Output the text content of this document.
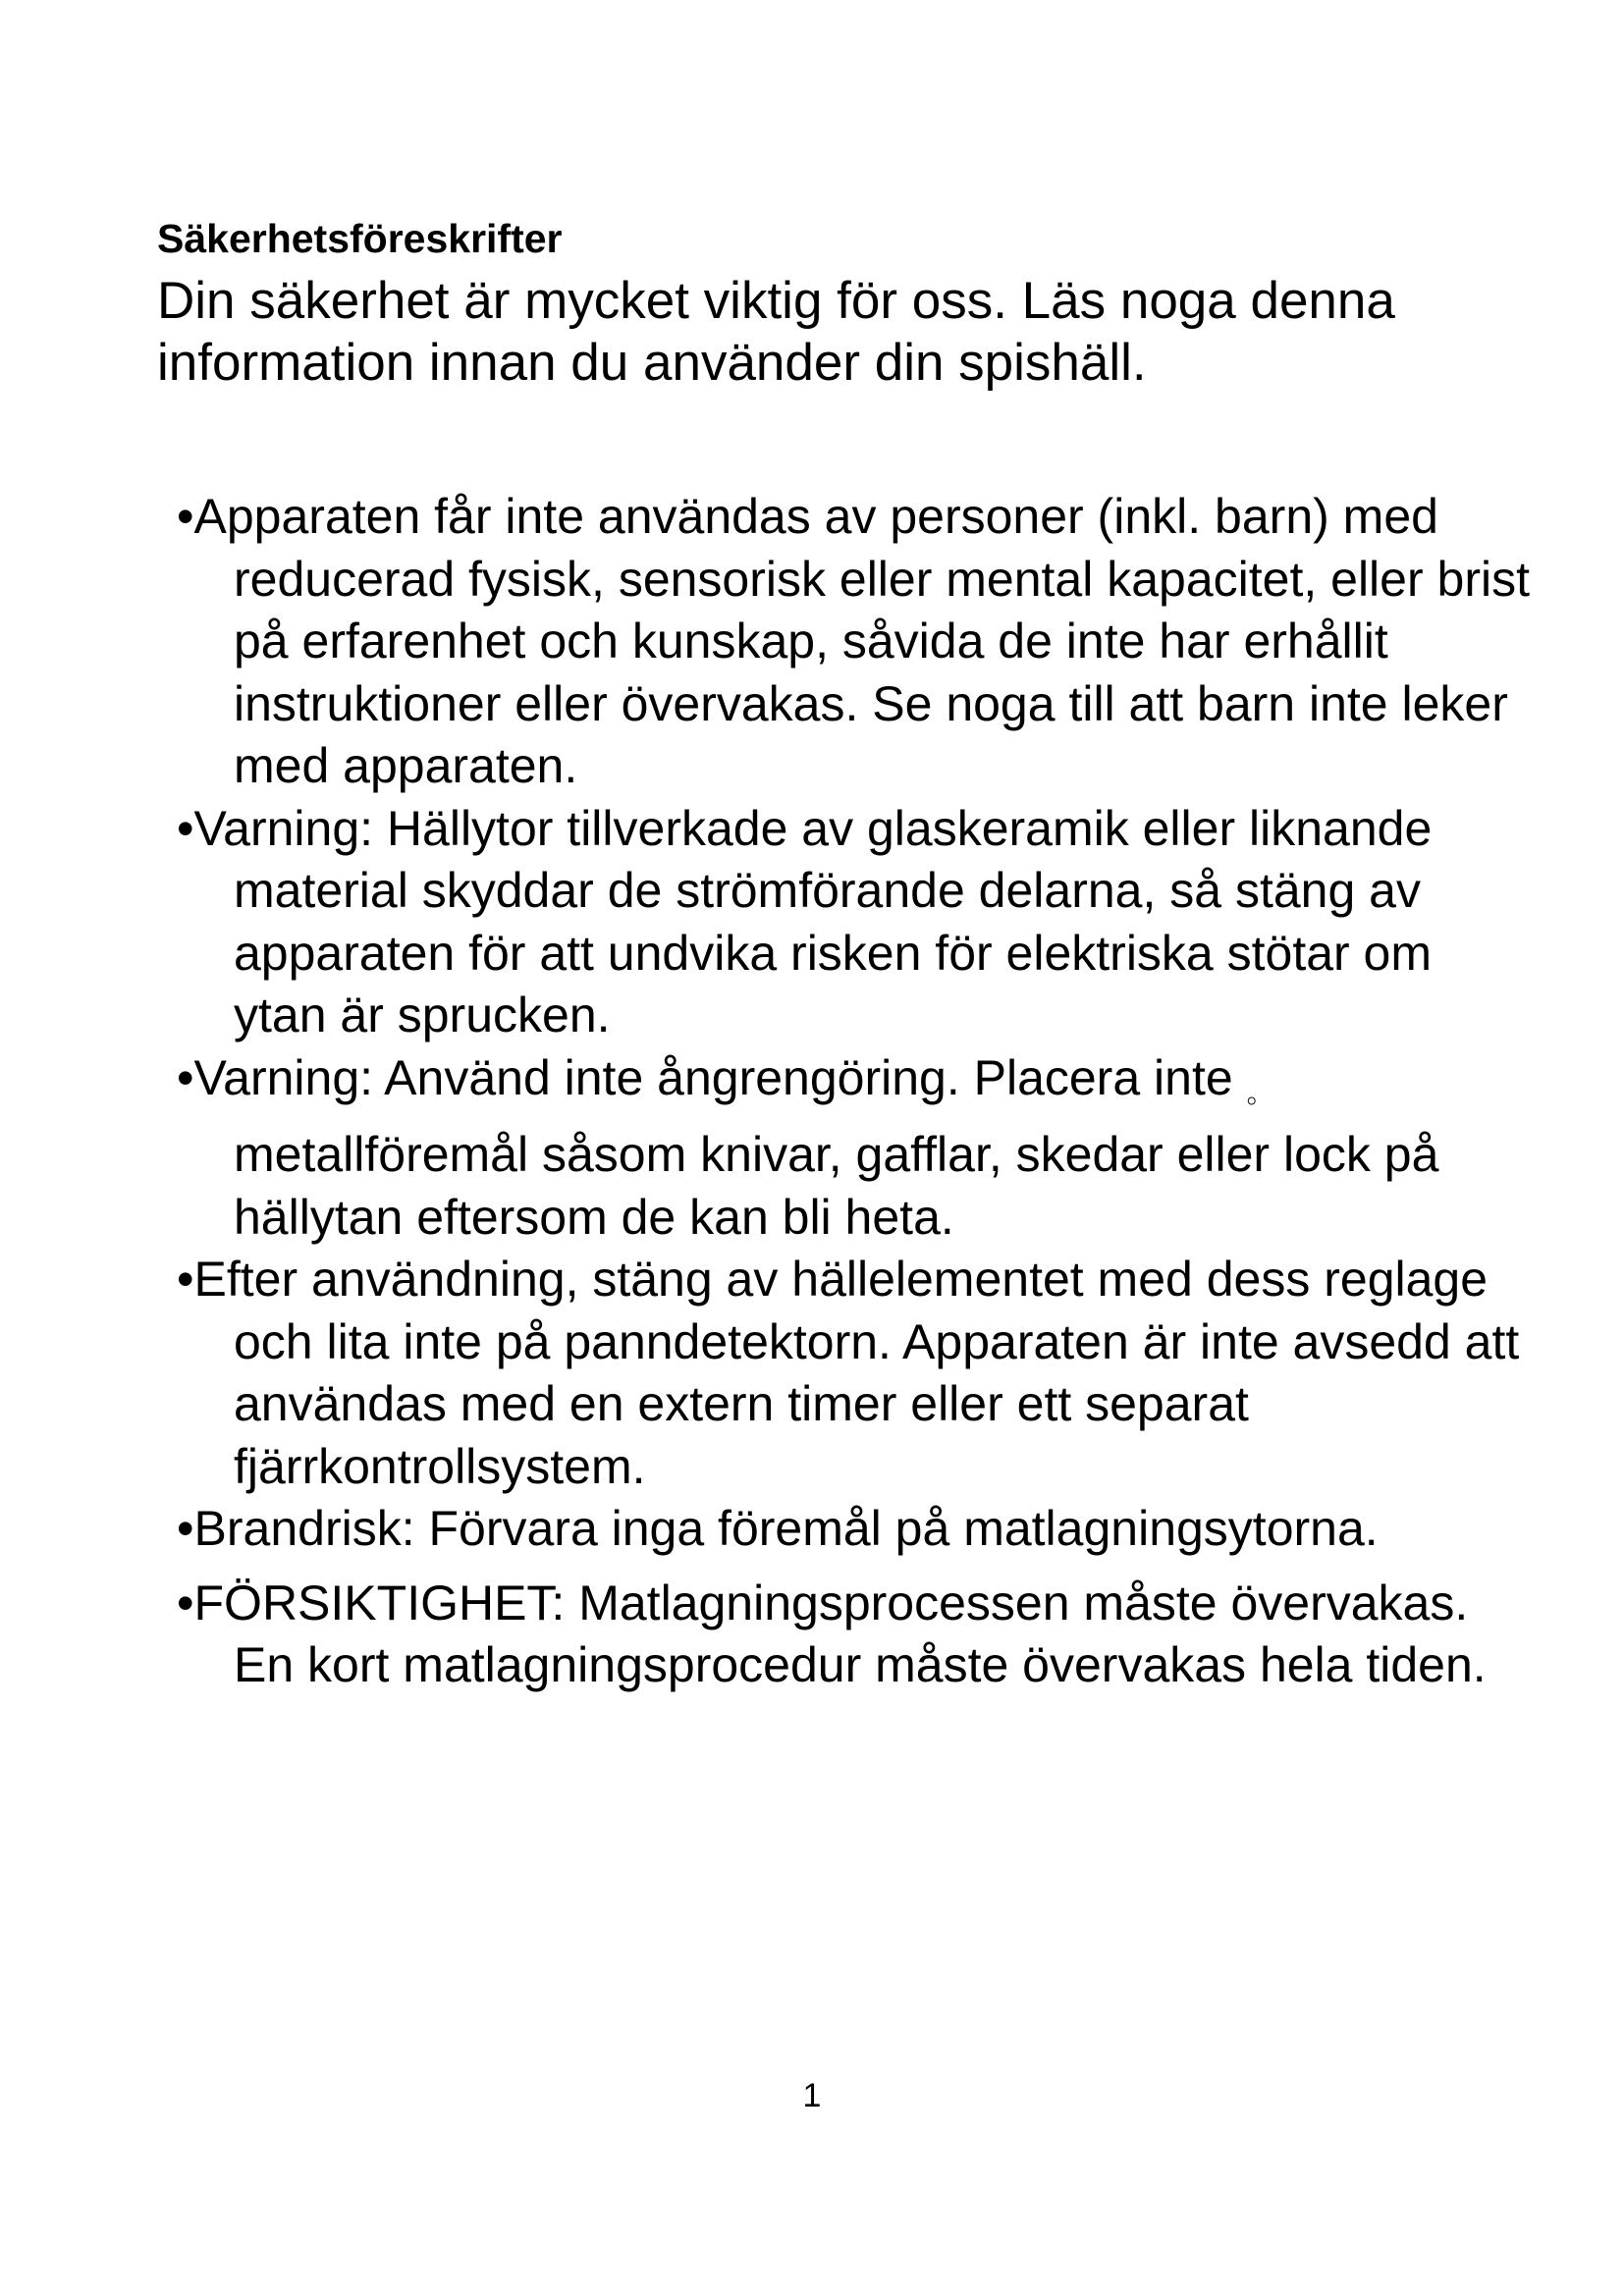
Säkerhetsföreskrifter

Din säkerhet är mycket viktig för oss. Läs noga denna information innan du använder din spishäll.

•Apparaten får inte användas av personer (inkl. barn) med reducerad fysisk, sensorisk eller mental kapacitet, eller brist på erfarenhet och kunskap, såvida de inte har erhållit instruktioner eller övervakas. Se noga till att barn inte leker med apparaten.
•Varning: Hällytor tillverkade av glaskeramik eller liknande material skyddar de strömförande delarna, så stäng av apparaten för att undvika risken för elektriska stötar om ytan är sprucken.
•Varning: Använd inte ångrengöring. Placera inte 。 metallföremål såsom knivar, gafflar, skedar eller lock på hällytan eftersom de kan bli heta.
•Efter användning, stäng av hällelementet med dess reglage och lita inte på panndetektorn. Apparaten är inte avsedd att användas med en extern timer eller ett separat fjärrkontrollsystem.
•Brandrisk: Förvara inga föremål på matlagningsytorna.
•FÖRSIKTIGHET: Matlagningsprocessen måste övervakas. En kort matlagningsprocedur måste övervakas hela tiden.

1
